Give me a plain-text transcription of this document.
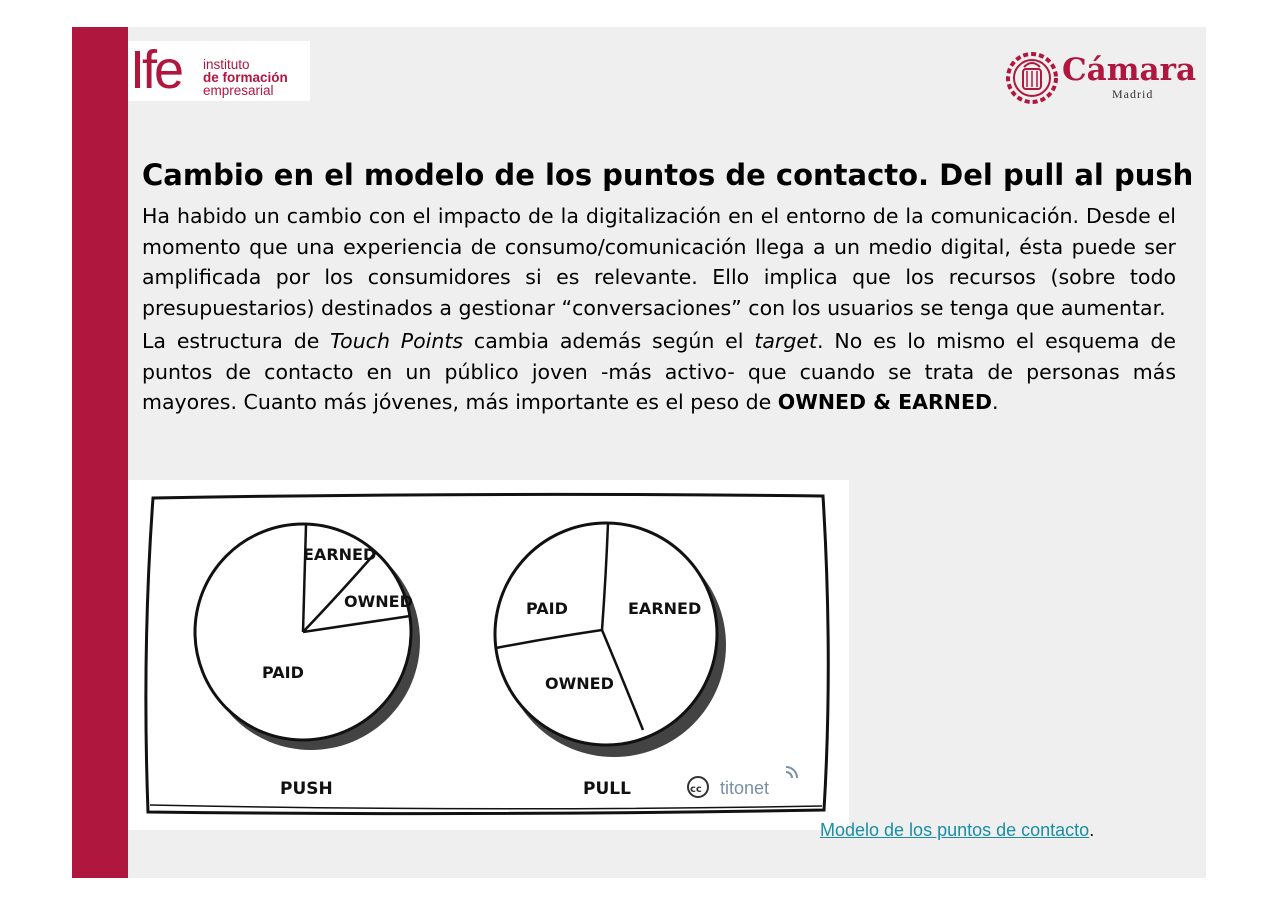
Ife instituto
de formación
empresarial
Cámara
Madrid
Cambio en el modelo de los puntos de contacto. Del pull al push

Ha habido un cambio con el impacto de la digitalización en el entorno de la comunicación. Desde el momento que una experiencia de consumo/comunicación llega a un medio digital, ésta puede ser amplificada por los consumidores si es relevante. Ello implica que los recursos (sobre todo presupuestarios) destinados a gestionar “conversaciones” con los usuarios se tenga que aumentar.

La estructura de Touch Points cambia además según el target. No es lo mismo el esquema de puntos de contacto en un público joven -más activo- que cuando se trata de personas más mayores. Cuanto más jóvenes, más importante es el peso de OWNED & EARNED.

EARNED
OWNED
PAID
PAID	EARNED
OWNED
PUSH	PULL	cc titonet
Modelo de los puntos de contacto.
